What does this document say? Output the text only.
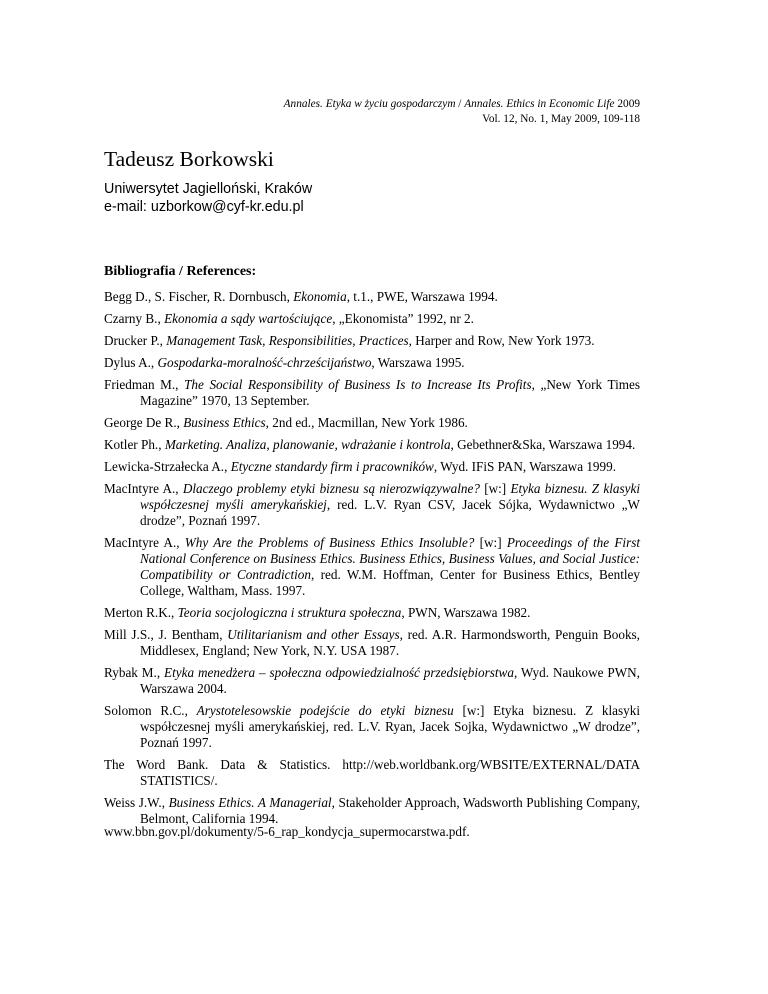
Annales. Etyka w życiu gospodarczym / Annales. Ethics in Economic Life 2009
Vol. 12, No. 1, May 2009, 109-118
Tadeusz Borkowski
Uniwersytet Jagielloński, Kraków
e-mail: uzborkow@cyf-kr.edu.pl
Bibliografia / References:
Begg D., S. Fischer, R. Dornbusch, Ekonomia, t.1., PWE, Warszawa 1994.
Czarny B., Ekonomia a sądy wartościujące, „Ekonomista” 1992, nr 2.
Drucker P., Management Task, Responsibilities, Practices, Harper and Row, New York 1973.
Dylus A., Gospodarka-moralność-chrześcijaństwo, Warszawa 1995.
Friedman M., The Social Responsibility of Business Is to Increase Its Profits, „New York Times Magazine” 1970, 13 September.
George De R., Business Ethics, 2nd ed., Macmillan, New York 1986.
Kotler Ph., Marketing. Analiza, planowanie, wdrażanie i kontrola, Gebethner&Ska, Warszawa 1994.
Lewicka-Strzałecka A., Etyczne standardy firm i pracowników, Wyd. IFiS PAN, Warszawa 1999.
MacIntyre A., Dlaczego problemy etyki biznesu są nierozwiązywalne? [w:] Etyka biznesu. Z klasyki współczesnej myśli amerykańskiej, red. L.V. Ryan CSV, Jacek Sójka, Wydawnictwo „W drodze”, Poznań 1997.
MacIntyre A., Why Are the Problems of Business Ethics Insoluble? [w:] Proceedings of the First National Conference on Business Ethics. Business Ethics, Business Values, and Social Justice: Compatibility or Contradiction, red. W.M. Hoffman, Center for Business Ethics, Bentley College, Waltham, Mass. 1997.
Merton R.K., Teoria socjologiczna i struktura społeczna, PWN, Warszawa 1982.
Mill J.S., J. Bentham, Utilitarianism and other Essays, red. A.R. Harmondsworth, Penguin Books, Middlesex, England; New York, N.Y. USA 1987.
Rybak M., Etyka menedżera – społeczna odpowiedzialność przedsiębiorstwa, Wyd. Naukowe PWN, Warszawa 2004.
Solomon R.C., Arystotelesowskie podejście do etyki biznesu [w:] Etyka biznesu. Z klasyki współczesnej myśli amerykańskiej, red. L.V. Ryan, Jacek Sojka, Wydawnictwo „W drodze”, Poznań 1997.
The Word Bank. Data & Statistics. http://web.worldbank.org/WBSITE/EXTERNAL/DATA STATISTICS/.
Weiss J.W., Business Ethics. A Managerial, Stakeholder Approach, Wadsworth Publishing Company, Belmont, California 1994.
www.bbn.gov.pl/dokumenty/5-6_rap_kondycja_supermocarstwa.pdf.
